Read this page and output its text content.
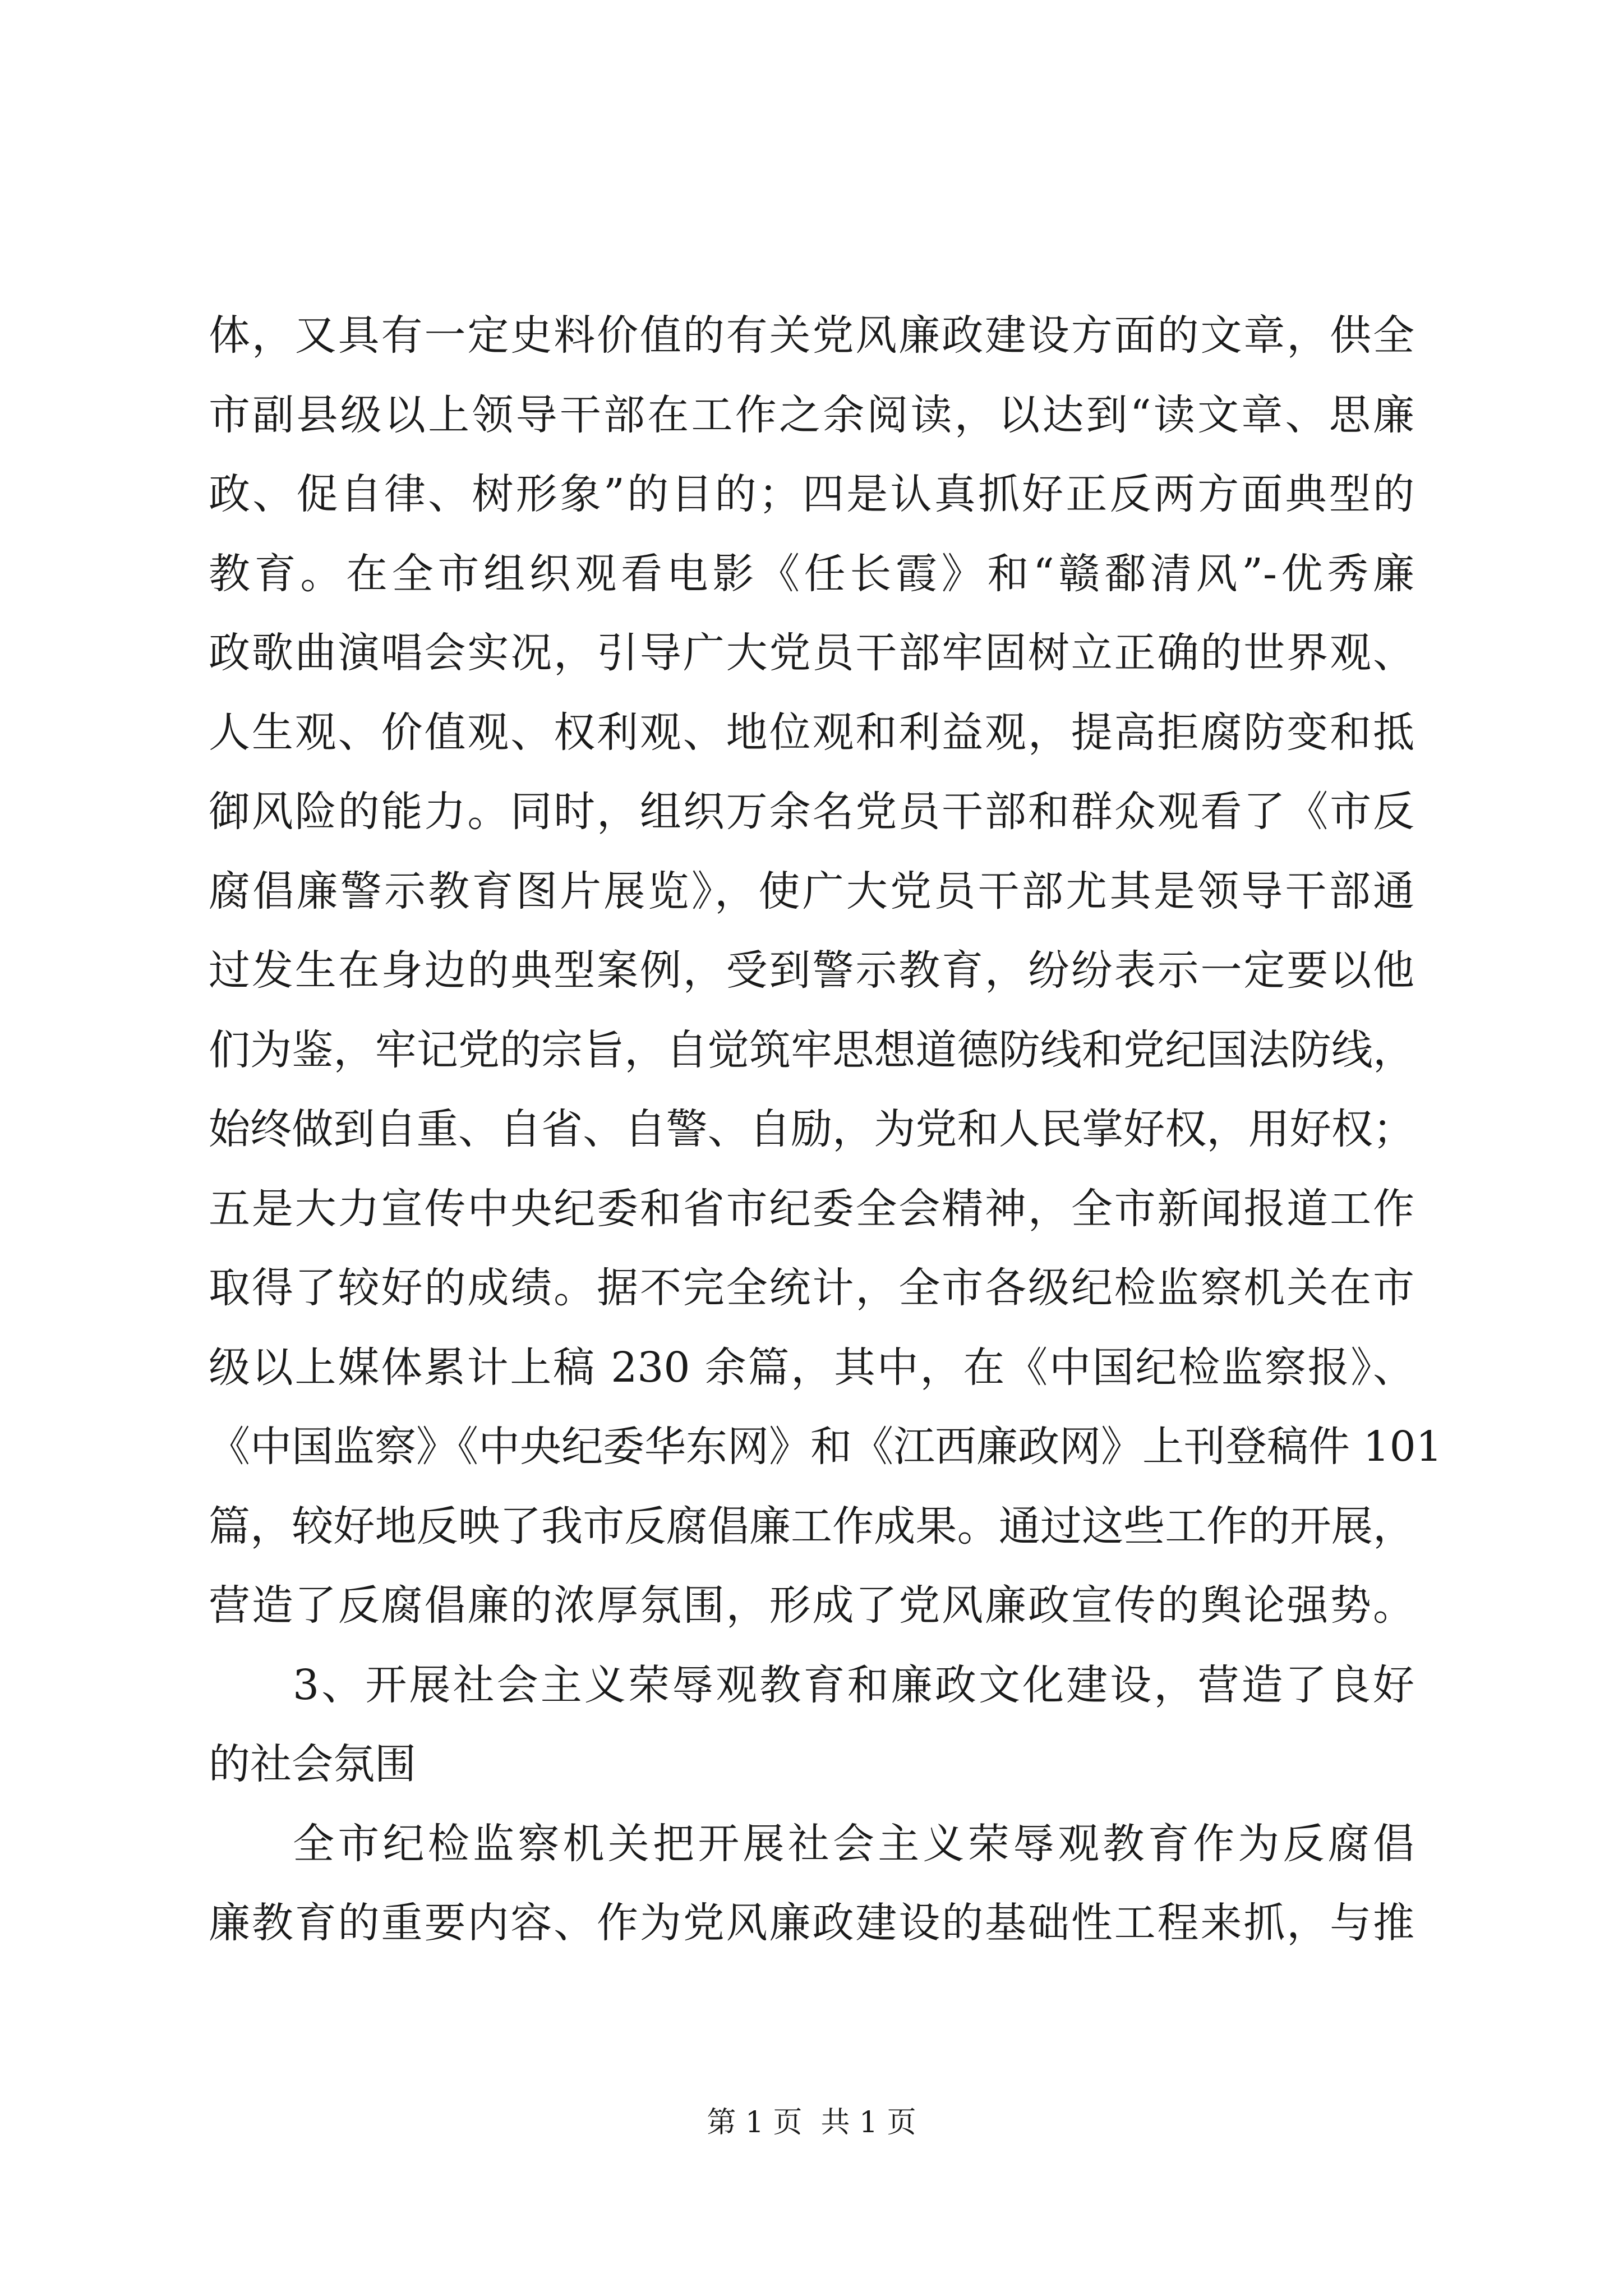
体，又具有一定史料价值的有关党风廉政建设方面的文章，供全
市副县级以上领导干部在工作之余阅读，以达到“读文章、思廉
政、促自律、树形象”的目的；四是认真抓好正反两方面典型的
教育。在全市组织观看电影《任长霞》和“赣鄱清风”-优秀廉
政歌曲演唱会实况，引导广大党员干部牢固树立正确的世界观、
人生观、价值观、权利观、地位观和利益观，提高拒腐防变和抵
御风险的能力。同时，组织万余名党员干部和群众观看了《市反
腐倡廉警示教育图片展览》，使广大党员干部尤其是领导干部通
过发生在身边的典型案例，受到警示教育，纷纷表示一定要以他
们为鉴，牢记党的宗旨，自觉筑牢思想道德防线和党纪国法防线，
始终做到自重、自省、自警、自励，为党和人民掌好权，用好权；
五是大力宣传中央纪委和省市纪委全会精神，全市新闻报道工作
取得了较好的成绩。据不完全统计，全市各级纪检监察机关在市
级以上媒体累计上稿 230 余篇，其中，在《中国纪检监察报》、
《中国监察》《中央纪委华东网》和《江西廉政网》上刊登稿件 101
篇，较好地反映了我市反腐倡廉工作成果。通过这些工作的开展，
营造了反腐倡廉的浓厚氛围，形成了党风廉政宣传的舆论强势。
3、开展社会主义荣辱观教育和廉政文化建设，营造了良好
的社会氛围
全市纪检监察机关把开展社会主义荣辱观教育作为反腐倡
廉教育的重要内容、作为党风廉政建设的基础性工程来抓，与推
第 1 页  共 1 页
